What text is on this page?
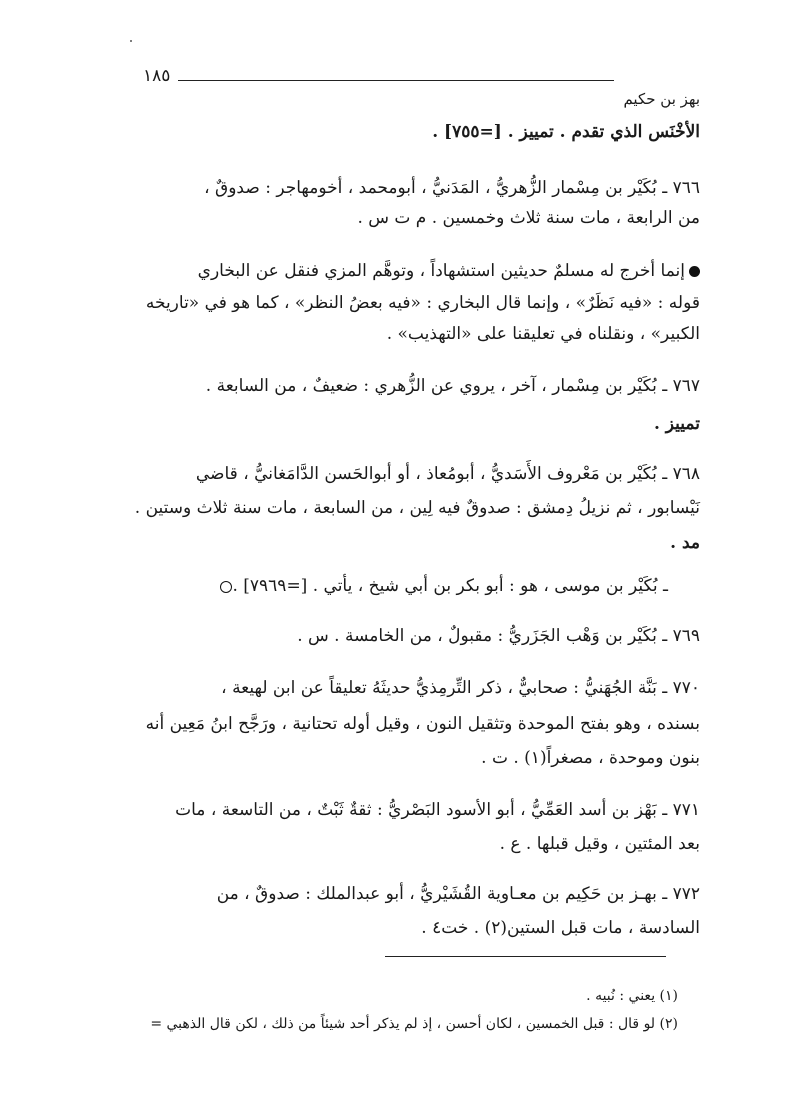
١٨٥
بهز بن حكيم
الأخْنَس الذي تقدم . تمييز . [=٧٥٥] .
٧٦٦ ـ بُكَيْر بن مِسْمار الزُّهريُّ ، المَدَنيُّ ، أبومحمد ، أخومهاجر : صدوقٌ ،
من الرابعة ، مات سنة ثلاث وخمسين . م ت س .
إنما أخرج له مسلمٌ حديثين استشهاداً ، وتوهَّم المزي فنقل عن البخاري
قوله : «فيه نَظَرٌ» ، وإنما قال البخاري : «فيه بعضُ النظر» ، كما هو في «تاريخه
الكبير» ، ونقلناه في تعليقنا على «التهذيب» .
٧٦٧ ـ بُكَيْر بن مِسْمار ، آخر ، يروي عن الزُّهري : ضعيفٌ ، من السابعة .
تمييز .
٧٦٨ ـ بُكَيْر بن مَعْروف الأَسَديُّ ، أبومُعاذ ، أو أبوالحَسن الدَّامَغانيُّ ، قاضي
نَيْسابور ، ثم نزيلُ دِمشق : صدوقٌ فيه لِين ، من السابعة ، مات سنة ثلاث وستين .
مد .
ـ بُكَيْر بن موسى ، هو : أبو بكر بن أبي شيخ ، يأتي . [=٧٩٦٩] .
٧٦٩ ـ بُكَيْر بن وَهْب الجَزَريُّ : مقبولٌ ، من الخامسة . س .
٧٧٠ ـ بَنَّة الجُهَنيُّ : صحابيٌّ ، ذكر التِّرمِذيُّ حديثَهُ تعليقاً عن ابن لهيعة ،
بسنده ، وهو بفتح الموحدة وتثقيل النون ، وقيل أوله تحتانية ، ورَجَّح ابنُ مَعِين أنه
بنون وموحدة ، مصغراً(١) . ت .
٧٧١ ـ بَهْز بن أسد العَمِّيُّ ، أبو الأسود البَصْريُّ : ثقةٌ ثَبْتٌ ، من التاسعة ، مات
بعد المئتين ، وقيل قبلها . ع .
٧٧٢ ـ بهـز بن حَكِيم بن معـاوية القُشَيْريُّ ، أبو عبدالملك : صدوقٌ ، من
السادسة ، مات قبل الستين(٢) . خت٤ .
(١) يعني : نُبيه .
(٢) لو قال : قبل الخمسين ، لكان أحسن ، إذ لم يذكر أحد شيئاً من ذلك ، لكن قال الذهبي =
